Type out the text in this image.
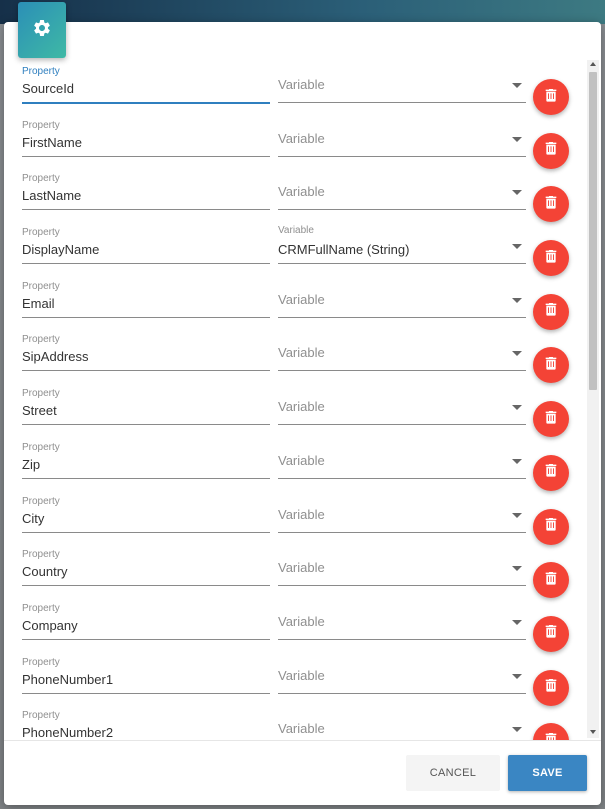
Property
SourceId	Variable
Property
FirstName	Variable
Property
LastName	Variable
Property
DisplayName
Variable
CRMFullName (String)
Property
Email	Variable
Property
SipAddress	Variable
Property
Street	Variable
Property
Zip	Variable
Property
City	Variable
Property
Country	Variable
Property
Company	Variable
Property
PhoneNumber1	Variable
Property
PhoneNumber2	Variable
CANCEL	SAVE
